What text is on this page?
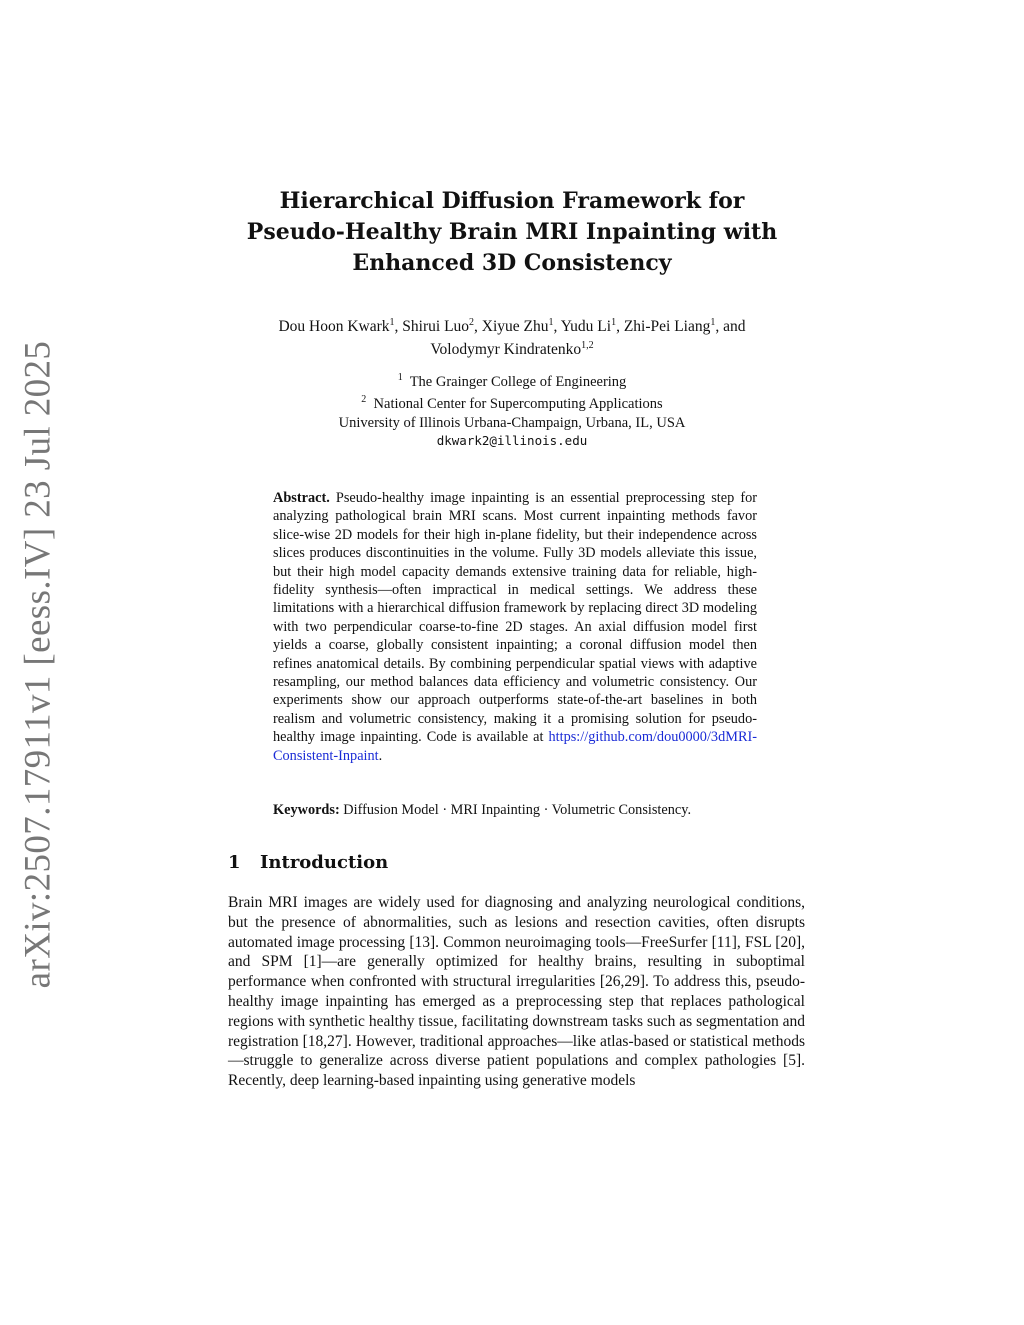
arXiv:2507.17911v1 [eess.IV] 23 Jul 2025
Hierarchical Diffusion Framework for
Pseudo-Healthy Brain MRI Inpainting with
Enhanced 3D Consistency
Dou Hoon Kwark$^1$, Shirui Luo$^2$, Xiyue Zhu$^1$, Yudu Li$^1$, Zhi-Pei Liang$^1$, and
Volodymyr Kindratenko$^{1,2}$
$^1$ The Grainger College of Engineering
$^2$ National Center for Supercomputing Applications
University of Illinois Urbana-Champaign, Urbana, IL, USA
dkwark2@illinois.edu
Abstract. Pseudo-healthy image inpainting is an essential preprocessing step for analyzing pathological brain MRI scans. Most current inpainting methods favor slice-wise 2D models for their high in-plane fidelity, but their independence across slices produces discontinuities in the volume. Fully 3D models alleviate this issue, but their high model capacity demands extensive training data for reliable, high-fidelity synthesis—often impractical in medical settings. We address these limitations with a hierarchical diffusion framework by replacing direct 3D modeling with two perpendicular coarse-to-fine 2D stages. An axial diffusion model first yields a coarse, globally consistent inpainting; a coronal diffusion model then refines anatomical details. By combining perpendicular spatial views with adaptive resampling, our method balances data efficiency and volumetric consistency. Our experiments show our approach outperforms state-of-the-art baselines in both realism and volumetric consistency, making it a promising solution for pseudo-healthy image inpainting. Code is available at https://github.com/dou0000/3dMRI-Consistent-Inpaint.
Keywords: Diffusion Model · MRI Inpainting · Volumetric Consistency.
1 Introduction
Brain MRI images are widely used for diagnosing and analyzing neurological conditions, but the presence of abnormalities, such as lesions and resection cavities, often disrupts automated image processing [13]. Common neuroimaging tools—FreeSurfer [11], FSL [20], and SPM [1]—are generally optimized for healthy brains, resulting in suboptimal performance when confronted with structural irregularities [26,29]. To address this, pseudo-healthy image inpainting has emerged as a preprocessing step that replaces pathological regions with synthetic healthy tissue, facilitating downstream tasks such as segmentation and registration [18,27]. However, traditional approaches—like atlas-based or statistical methods—struggle to generalize across diverse patient populations and complex pathologies [5]. Recently, deep learning-based inpainting using generative models
